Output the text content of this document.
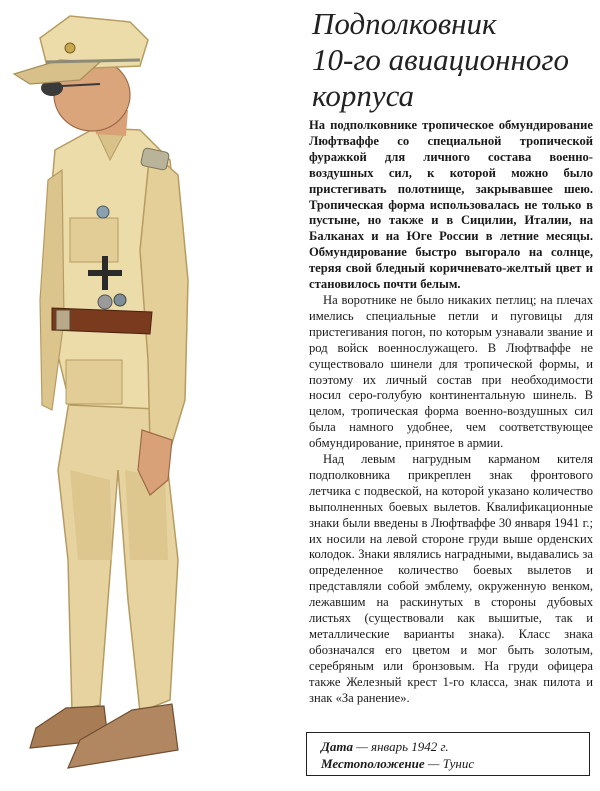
Подполковник
10-го авиационного
корпуса

На подполковнике тропическое обмундирование Люфтваффе со специальной тропической фуражкой для личного состава военно-воздушных сил, к которой можно было пристегивать полотнище, закрывавшее шею. Тропическая форма использовалась не только в пустыне, но также и в Сицилии, Италии, на Балканах и на Юге России в летние месяцы. Обмундирование быстро выгорало на солнце, теряя свой бледный коричневато-желтый цвет и становилось почти белым.

На воротнике не было никаких петлиц; на плечах имелись специальные петли и пуговицы для пристегивания погон, по которым узнавали звание и род войск военнослужащего. В Люфтваффе не существовало шинели для тропической формы, и поэтому их личный состав при необходимости носил серо-голубую континентальную шинель. В целом, тропическая форма военно-воздушных сил была намного удобнее, чем соответствующее обмундирование, принятое в армии.

Над левым нагрудным карманом кителя подполковника прикреплен знак фронтового летчика с подвеской, на которой указано количество выполненных боевых вылетов. Квалификационные знаки были введены в Люфтваффе 30 января 1941 г.; их носили на левой стороне груди выше орденских колодок. Знаки являлись наградными, выдавались за определенное количество боевых вылетов и представляли собой эмблему, окруженную венком, лежавшим на раскинутых в стороны дубовых листьях (существовали как вышитые, так и металлические варианты знака). Класс знака обозначался его цветом и мог быть золотым, серебряным или бронзовым. На груди офицера также Железный крест 1-го класса, знак пилота и знак «За ранение».

Дата — январь 1942 г.
Местоположение — Тунис
